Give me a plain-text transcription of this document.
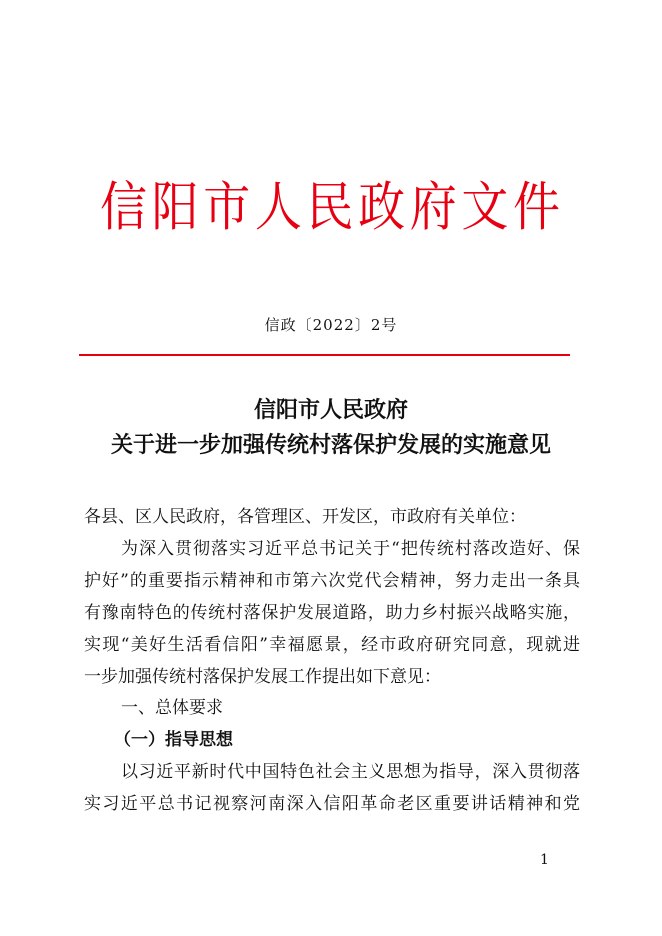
信阳市人民政府文件
信政〔2022〕2号
信阳市人民政府
关于进一步加强传统村落保护发展的实施意见
各县、区人民政府，各管理区、开发区，市政府有关单位：
为深入贯彻落实习近平总书记关于“把传统村落改造好、保
护好”的重要指示精神和市第六次党代会精神，努力走出一条具
有豫南特色的传统村落保护发展道路，助力乡村振兴战略实施，
实现“美好生活看信阳”幸福愿景，经市政府研究同意，现就进
一步加强传统村落保护发展工作提出如下意见：
一、总体要求
（一）指导思想
以习近平新时代中国特色社会主义思想为指导，深入贯彻落
实习近平总书记视察河南深入信阳革命老区重要讲话精神和党
1
